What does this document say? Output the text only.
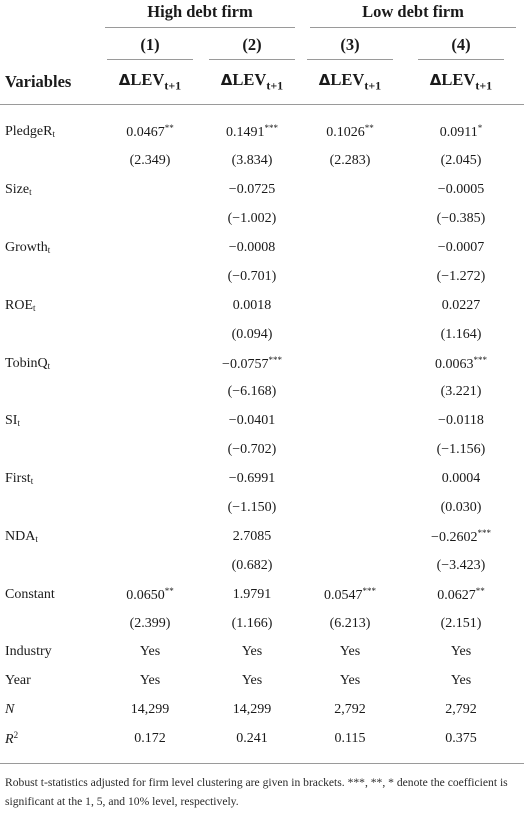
	High debt firm		Low debt firm	
	(1)	(2)	(3)	(4)
Variables	$\Delta LEV_{t+1}$	$\Delta LEV_{t+1}$	$\Delta LEV_{t+1}$	$\Delta LEV_{t+1}$

PledgeR$_t$	0.0467**	0.1491***	0.1026**	0.0911*
	(2.349)	(3.834)	(2.283)	(2.045)
Size$_t$		−0.0725		−0.0005
		(−1.002)		(−0.385)
Growth$_t$		−0.0008		−0.0007
		(−0.701)		(−1.272)
$ROE_t$		0.0018		0.0227
		(0.094)		(1.164)
TobinQ$_t$		−0.0757***		0.0063***
		(−6.168)		(3.221)
$SI_t$		−0.0401		−0.0118
		(−0.702)		(−1.156)
First$_t$		−0.6991		0.0004
		(−1.150)		(0.030)
$NDA_t$		2.7085		−0.2602***
		(0.682)		(−3.423)
Constant	0.0650**	1.9791	0.0547***	0.0627**
	(2.399)	(1.166)	(6.213)	(2.151)
Industry	Yes	Yes	Yes	Yes
Year	Yes	Yes	Yes	Yes
N	14,299	14,299	2,792	2,792
$R^2$	0.172	0.241	0.115	0.375

Robust t-statistics adjusted for firm level clustering are given in brackets. ***, **, * denote the coefficient is significant at the 1, 5, and 10% level, respectively.
